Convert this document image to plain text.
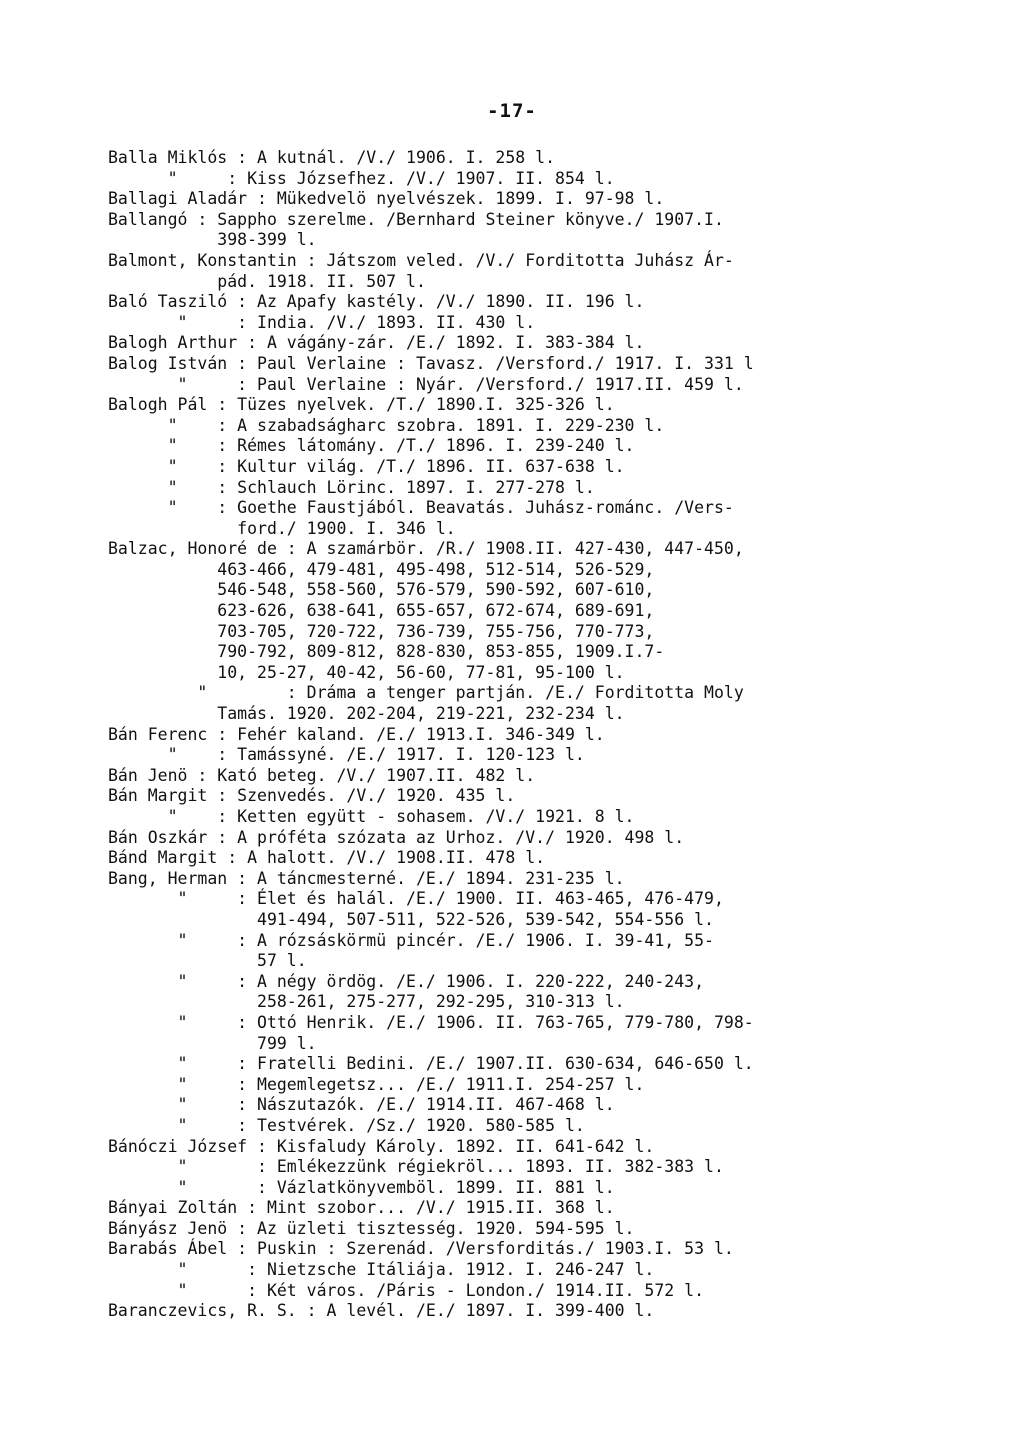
-17-
Balla Miklós : A kutnál. /V./ 1906. I. 258 l.
"     : Kiss Józsefhez. /V./ 1907. II. 854 l.
Ballagi Aladár : Mükedvelö nyelvészek. 1899. I. 97-98 l.
Ballangó : Sappho szerelme. /Bernhard Steiner könyve./ 1907.I.
398-399 l.
Balmont, Konstantin : Játszom veled. /V./ Forditotta Juhász Ár-
pád. 1918. II. 507 l.
Baló Tasziló : Az Apafy kastély. /V./ 1890. II. 196 l.
"     : India. /V./ 1893. II. 430 l.
Balogh Arthur : A vágány-zár. /E./ 1892. I. 383-384 l.
Balog István : Paul Verlaine : Tavasz. /Versford./ 1917. I. 331 l
"     : Paul Verlaine : Nyár. /Versford./ 1917.II. 459 l.
Balogh Pál : Tüzes nyelvek. /T./ 1890.I. 325-326 l.
"    : A szabadságharc szobra. 1891. I. 229-230 l.
"    : Rémes látomány. /T./ 1896. I. 239-240 l.
"    : Kultur világ. /T./ 1896. II. 637-638 l.
"    : Schlauch Lörinc. 1897. I. 277-278 l.
"    : Goethe Faustjából. Beavatás. Juhász-románc. /Vers-
ford./ 1900. I. 346 l.
Balzac, Honoré de : A szamárbör. /R./ 1908.II. 427-430, 447-450,
463-466, 479-481, 495-498, 512-514, 526-529,
546-548, 558-560, 576-579, 590-592, 607-610,
623-626, 638-641, 655-657, 672-674, 689-691,
703-705, 720-722, 736-739, 755-756, 770-773,
790-792, 809-812, 828-830, 853-855, 1909.I.7-
10, 25-27, 40-42, 56-60, 77-81, 95-100 l.
"        : Dráma a tenger partján. /E./ Forditotta Moly
Tamás. 1920. 202-204, 219-221, 232-234 l.
Bán Ferenc : Fehér kaland. /E./ 1913.I. 346-349 l.
"    : Tamássyné. /E./ 1917. I. 120-123 l.
Bán Jenö : Kató beteg. /V./ 1907.II. 482 l.
Bán Margit : Szenvedés. /V./ 1920. 435 l.
"    : Ketten együtt - sohasem. /V./ 1921. 8 l.
Bán Oszkár : A próféta szózata az Urhoz. /V./ 1920. 498 l.
Bánd Margit : A halott. /V./ 1908.II. 478 l.
Bang, Herman : A táncmesterné. /E./ 1894. 231-235 l.
"     : Élet és halál. /E./ 1900. II. 463-465, 476-479,
491-494, 507-511, 522-526, 539-542, 554-556 l.
"     : A rózsáskörmü pincér. /E./ 1906. I. 39-41, 55-
57 l.
"     : A négy ördög. /E./ 1906. I. 220-222, 240-243,
258-261, 275-277, 292-295, 310-313 l.
"     : Ottó Henrik. /E./ 1906. II. 763-765, 779-780, 798-
799 l.
"     : Fratelli Bedini. /E./ 1907.II. 630-634, 646-650 l.
"     : Megemlegetsz... /E./ 1911.I. 254-257 l.
"     : Nászutazók. /E./ 1914.II. 467-468 l.
"     : Testvérek. /Sz./ 1920. 580-585 l.
Bánóczi József : Kisfaludy Károly. 1892. II. 641-642 l.
"       : Emlékezzünk régiekröl... 1893. II. 382-383 l.
"       : Vázlatkönyvemböl. 1899. II. 881 l.
Bányai Zoltán : Mint szobor... /V./ 1915.II. 368 l.
Bányász Jenö : Az üzleti tisztesség. 1920. 594-595 l.
Barabás Ábel : Puskin : Szerenád. /Versforditás./ 1903.I. 53 l.
"      : Nietzsche Itáliája. 1912. I. 246-247 l.
"      : Két város. /Páris - London./ 1914.II. 572 l.
Baranczevics, R. S. : A levél. /E./ 1897. I. 399-400 l.
